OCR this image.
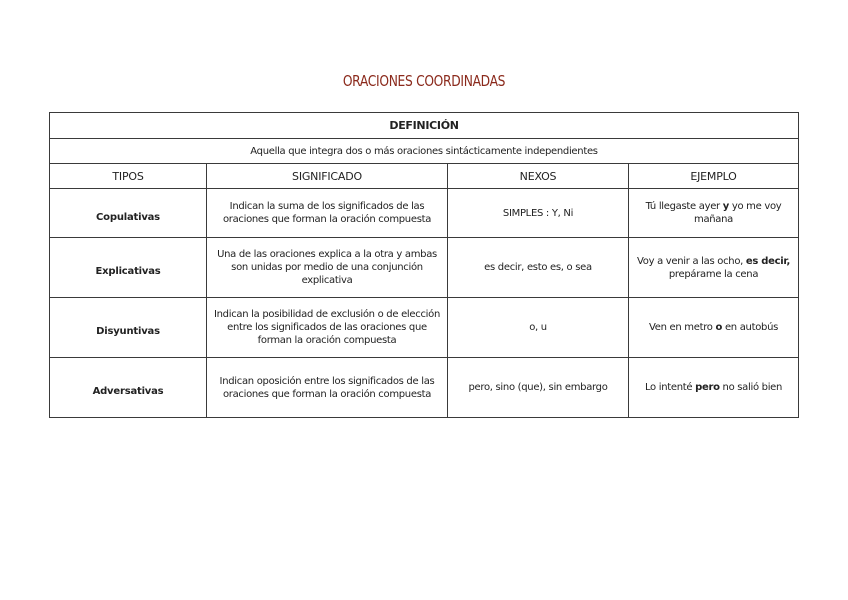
ORACIONES COORDINADAS
DEFINICIÓN			
Aquella que integra dos o más oraciones sintácticamente independientes			
TIPOS	SIGNIFICADO	NEXOS	EJEMPLO
Copulativas	Indican la suma de los significados de las oraciones que forman la oración compuesta	SIMPLES : Y, Ni	Tú llegaste ayer y yo me voy mañana
Explicativas	Una de las oraciones explica a la otra y ambas son unidas por medio de una conjunción explicativa	es decir, esto es, o sea	Voy a venir a las ocho, es decir, prepárame la cena
Disyuntivas	Indican la posibilidad de exclusión o de elección entre los significados de las oraciones que forman la oración compuesta	o, u	Ven en metro o en autobús
Adversativas	Indican oposición entre los significados de las oraciones que forman la oración compuesta	pero, sino (que), sin embargo	Lo intenté pero no salió bien
